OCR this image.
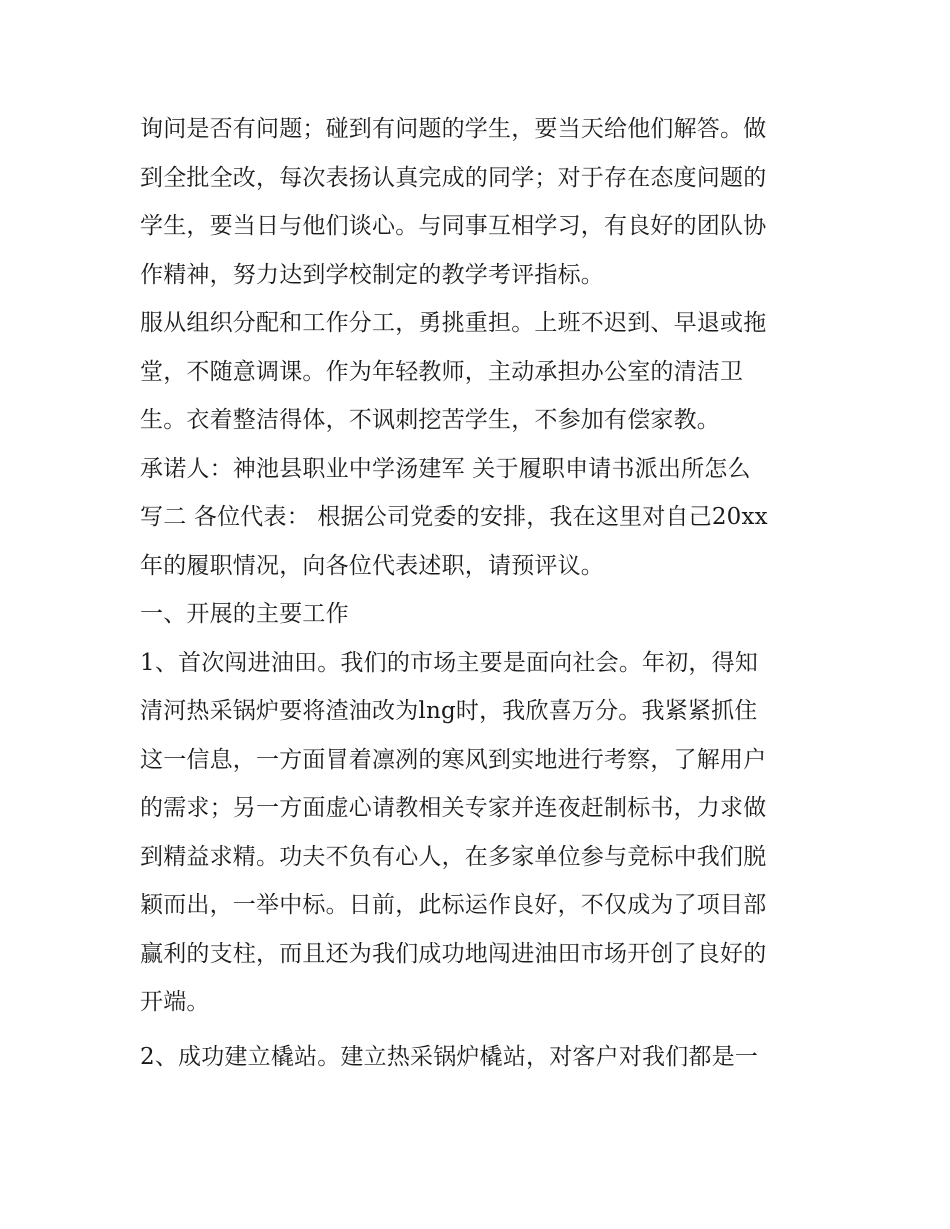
询问是否有问题；碰到有问题的学生，要当天给他们解答。做
到全批全改，每次表扬认真完成的同学；对于存在态度问题的
学生，要当日与他们谈心。与同事互相学习，有良好的团队协
作精神，努力达到学校制定的教学考评指标。
服从组织分配和工作分工，勇挑重担。上班不迟到、早退或拖
堂，不随意调课。作为年轻教师，主动承担办公室的清洁卫
生。衣着整洁得体，不讽刺挖苦学生，不参加有偿家教。
承诺人：神池县职业中学汤建军 关于履职申请书派出所怎么
写二 各位代表： 根据公司党委的安排，我在这里对自己20xx
年的履职情况，向各位代表述职，请预评议。
一、开展的主要工作
1、首次闯进油田。我们的市场主要是面向社会。年初，得知
清河热采锅炉要将渣油改为lng时，我欣喜万分。我紧紧抓住
这一信息，一方面冒着凛冽的寒风到实地进行考察，了解用户
的需求；另一方面虚心请教相关专家并连夜赶制标书，力求做
到精益求精。功夫不负有心人，在多家单位参与竞标中我们脱
颖而出，一举中标。日前，此标运作良好，不仅成为了项目部
赢利的支柱，而且还为我们成功地闯进油田市场开创了良好的
开端。
2、成功建立橇站。建立热采锅炉橇站，对客户对我们都是一
